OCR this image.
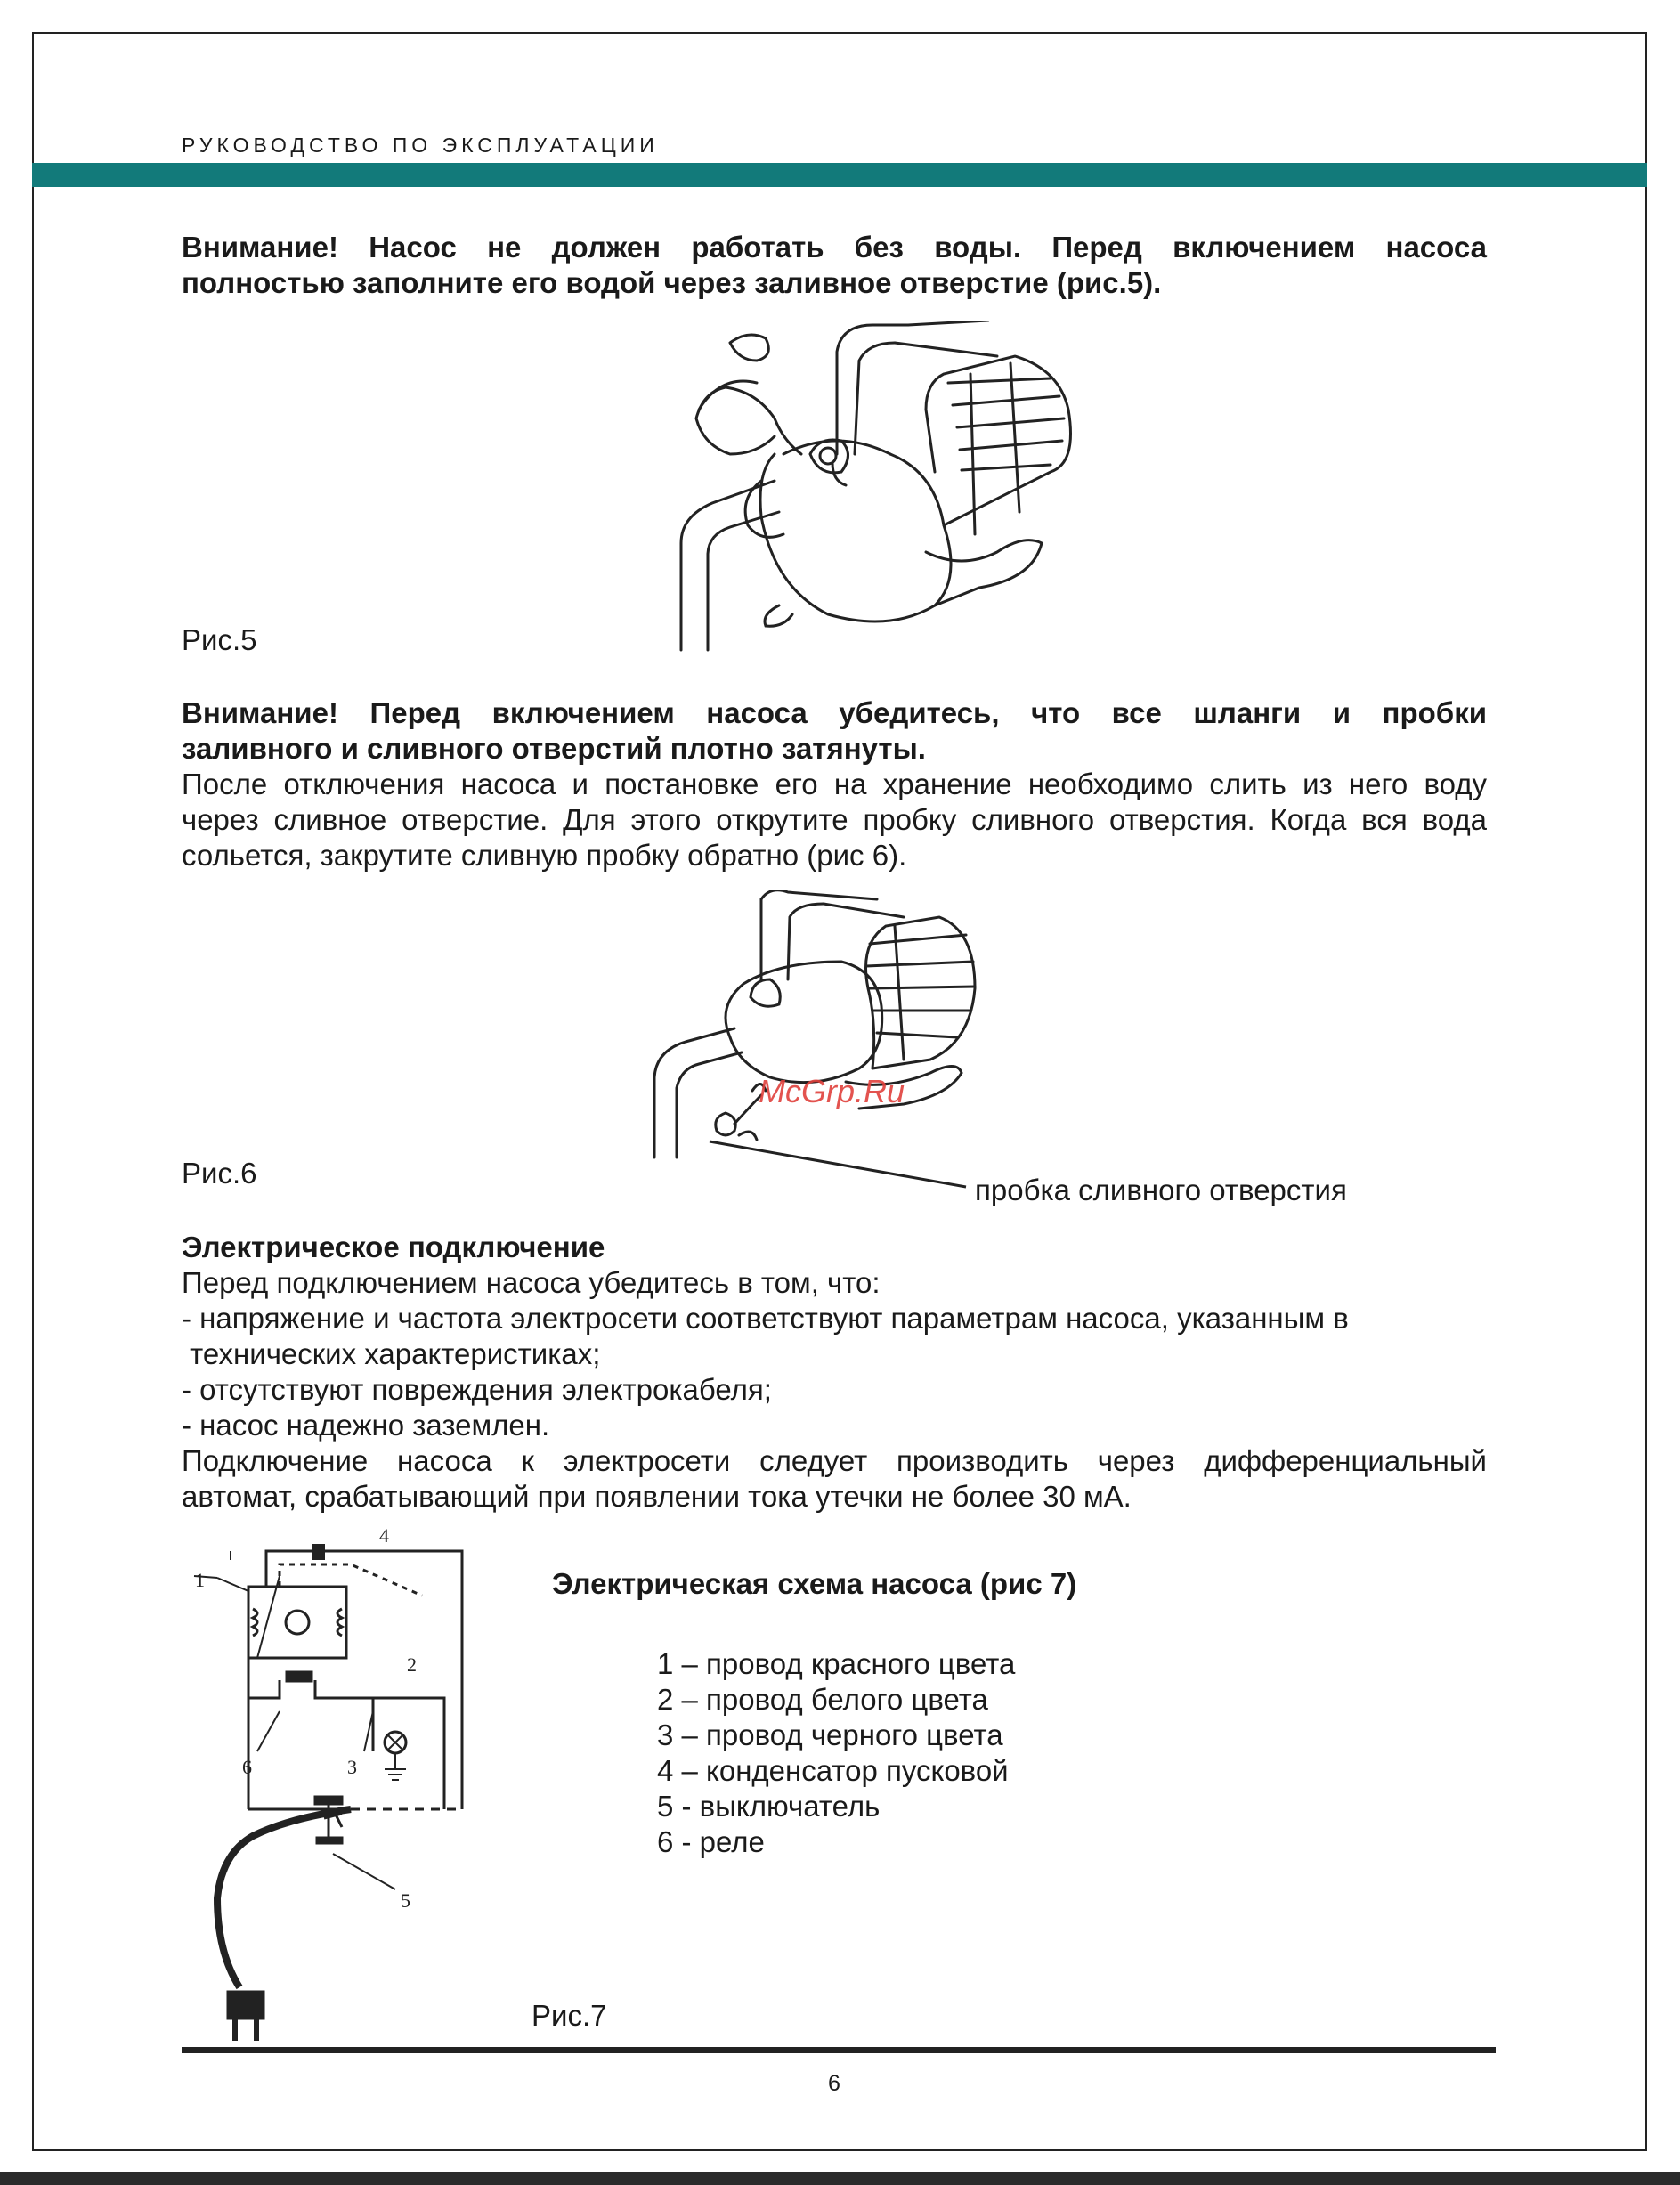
РУКОВОДСТВО ПО ЭКСПЛУАТАЦИИ
Внимание! Насос не должен работать без воды. Перед включением насоса
полностью заполните его водой через заливное отверстие (рис.5).
Рис.5
Внимание! Перед включением насоса убедитесь, что все шланги и пробки
заливного и сливного отверстий плотно затянуты.
После отключения насоса и постановке его на хранение необходимо слить из него воду
через сливное отверстие. Для этого открутите пробку сливного отверстия. Когда вся вода
сольется, закрутите сливную пробку обратно (рис 6).
McGrp.Ru
Рис.6
пробка сливного отверстия
Электрическое подключение
Перед подключением насоса убедитесь в том, что:
- напряжение и частота электросети соответствуют параметрам насоса, указанным в
технических характеристиках;
- отсутствуют повреждения электрокабеля;
- насос надежно заземлен.
Подключение насоса к электросети следует производить через дифференциальный
автомат, срабатывающий при появлении тока утечки не более 30 мА.
1
2
3
4
5
6
Электрическая схема насоса (рис 7)
1 – провод красного цвета
2 – провод белого цвета
3 – провод черного цвета
4 – конденсатор пусковой
5 - выключатель
6 - реле
Рис.7
6
